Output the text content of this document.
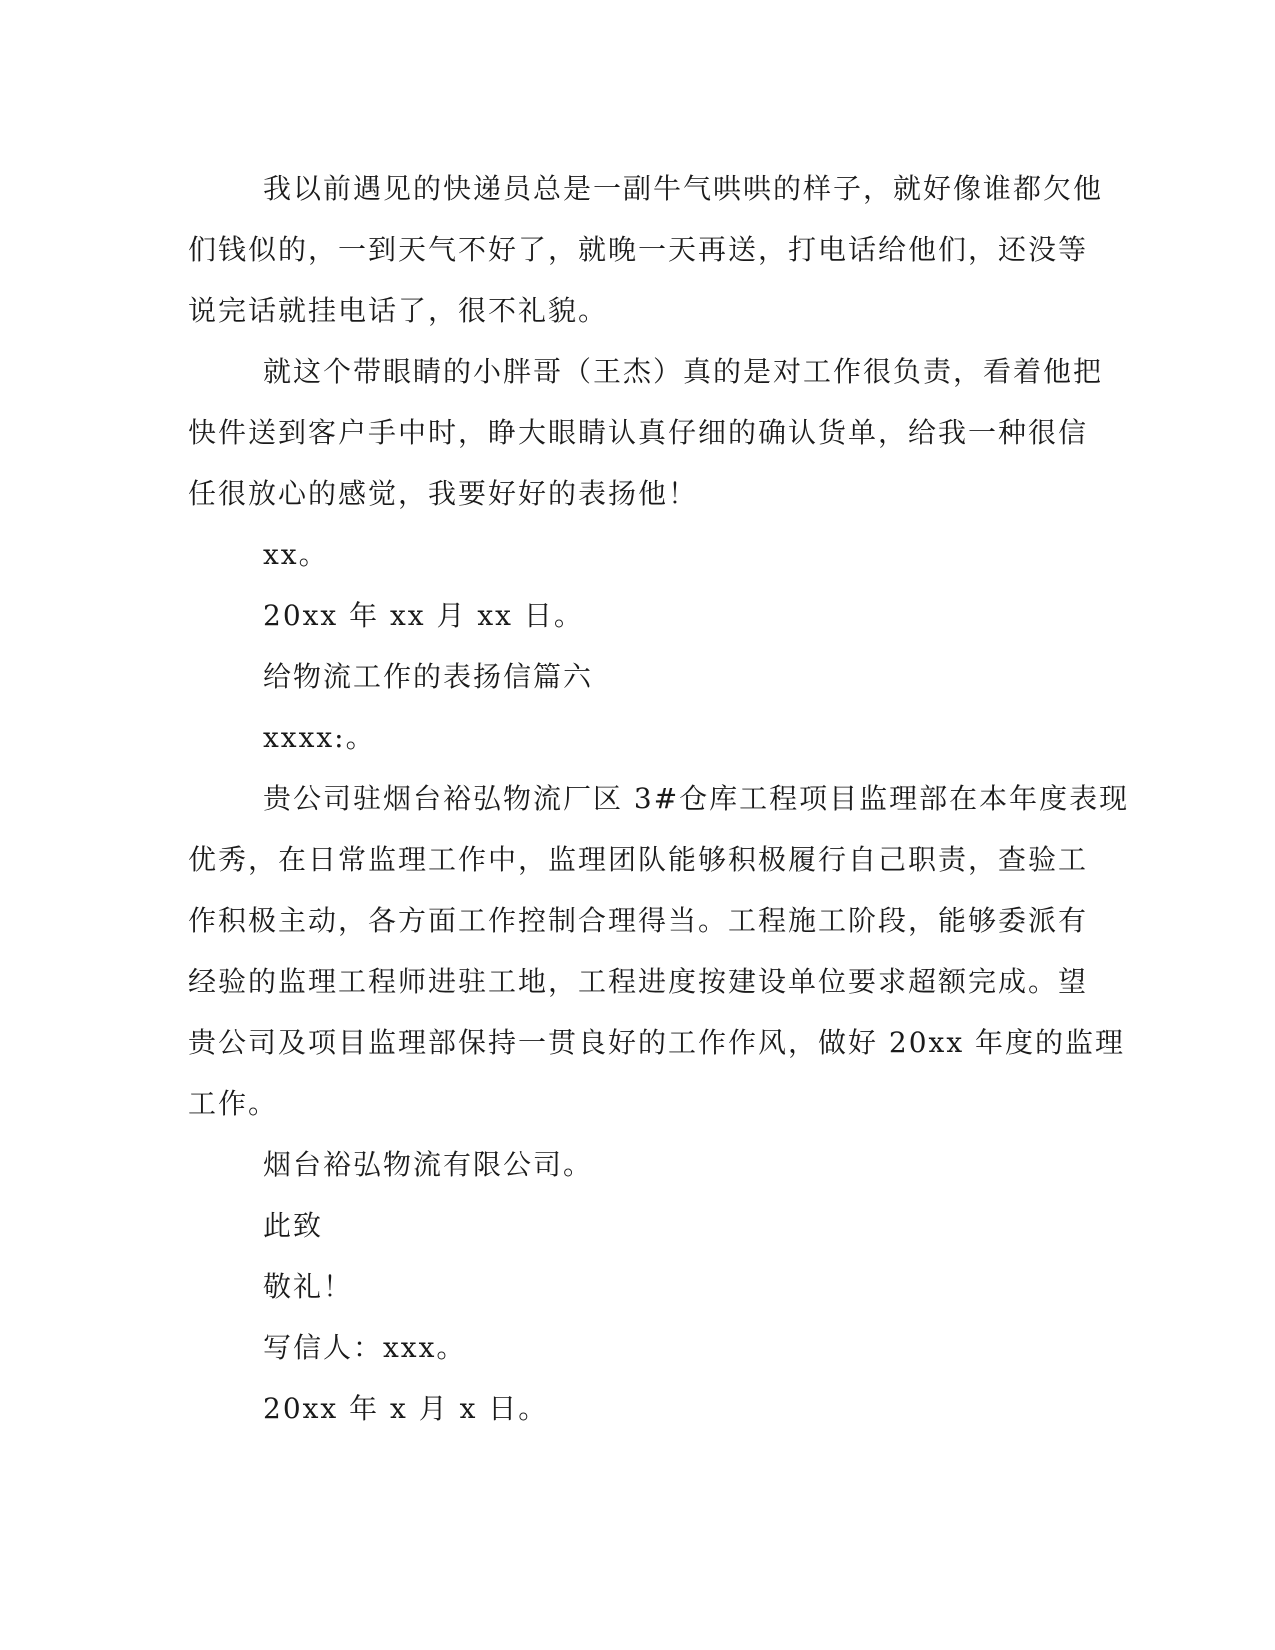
我以前遇见的快递员总是一副牛气哄哄的样子，就好像谁都欠他
们钱似的，一到天气不好了，就晚一天再送，打电话给他们，还没等
说完话就挂电话了，很不礼貌。
就这个带眼睛的小胖哥（王杰）真的是对工作很负责，看着他把
快件送到客户手中时，睁大眼睛认真仔细的确认货单，给我一种很信
任很放心的感觉，我要好好的表扬他！
xx。
20xx 年 xx 月 xx 日。
给物流工作的表扬信篇六
xxxx:。
贵公司驻烟台裕弘物流厂区 3#仓库工程项目监理部在本年度表现
优秀，在日常监理工作中，监理团队能够积极履行自己职责，查验工
作积极主动，各方面工作控制合理得当。工程施工阶段，能够委派有
经验的监理工程师进驻工地，工程进度按建设单位要求超额完成。望
贵公司及项目监理部保持一贯良好的工作作风，做好 20xx 年度的监理
工作。
烟台裕弘物流有限公司。
此致
敬礼！
写信人：xxx。
20xx 年 x 月 x 日。
